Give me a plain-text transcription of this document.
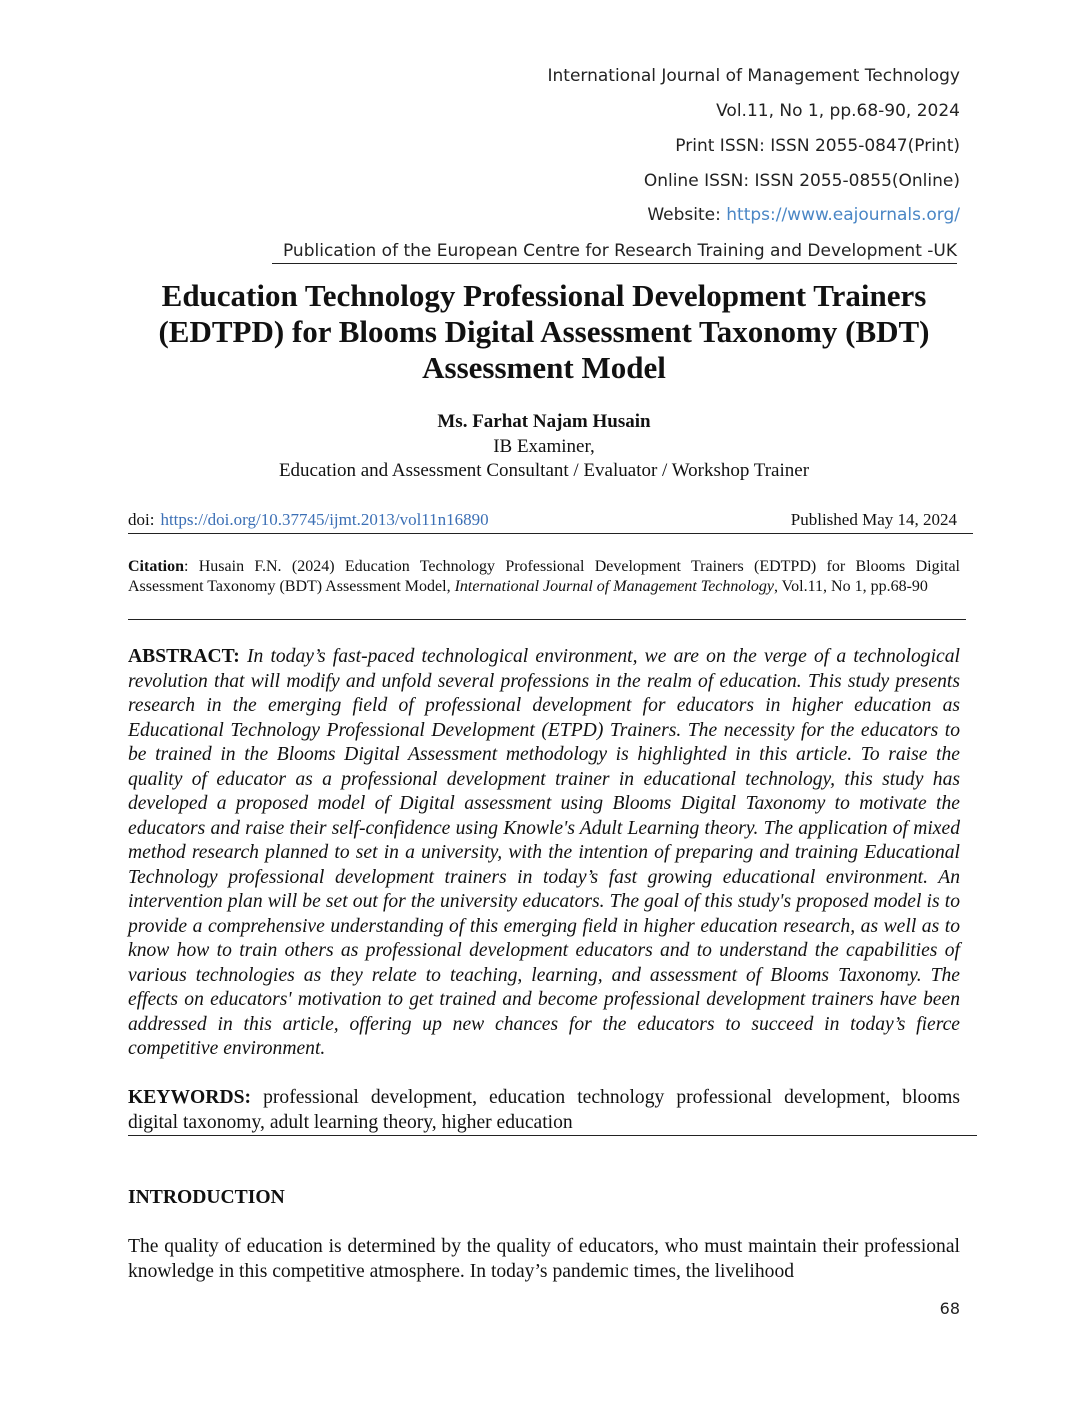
International Journal of Management Technology
Vol.11, No 1, pp.68-90, 2024
Print ISSN: ISSN 2055-0847(Print)
Online ISSN: ISSN 2055-0855(Online)
Website: https://www.eajournals.org/
Publication of the European Centre for Research Training and Development -UK
Education Technology Professional Development Trainers (EDTPD) for Blooms Digital Assessment Taxonomy (BDT) Assessment Model
Ms. Farhat Najam Husain
IB Examiner,
Education and Assessment Consultant / Evaluator / Workshop Trainer
doi: https://doi.org/10.37745/ijmt.2013/vol11n16890	Published May 14, 2024
Citation: Husain F.N. (2024) Education Technology Professional Development Trainers (EDTPD) for Blooms Digital Assessment Taxonomy (BDT) Assessment Model, International Journal of Management Technology, Vol.11, No 1, pp.68-90
ABSTRACT: In today’s fast-paced technological environment, we are on the verge of a technological revolution that will modify and unfold several professions in the realm of education. This study presents research in the emerging field of professional development for educators in higher education as Educational Technology Professional Development (ETPD) Trainers. The necessity for the educators to be trained in the Blooms Digital Assessment methodology is highlighted in this article. To raise the quality of educator as a professional development trainer in educational technology, this study has developed a proposed model of Digital assessment using Blooms Digital Taxonomy to motivate the educators and raise their self-confidence using Knowle's Adult Learning theory. The application of mixed method research planned to set in a university, with the intention of preparing and training Educational Technology professional development trainers in today’s fast growing educational environment. An intervention plan will be set out for the university educators. The goal of this study's proposed model is to provide a comprehensive understanding of this emerging field in higher education research, as well as to know how to train others as professional development educators and to understand the capabilities of various technologies as they relate to teaching, learning, and assessment of Blooms Taxonomy. The effects on educators' motivation to get trained and become professional development trainers have been addressed in this article, offering up new chances for the educators to succeed in today’s fierce competitive environment.
KEYWORDS: professional development, education technology professional development, blooms digital taxonomy, adult learning theory, higher education
INTRODUCTION
The quality of education is determined by the quality of educators, who must maintain their professional knowledge in this competitive atmosphere. In today’s pandemic times, the livelihood
68
